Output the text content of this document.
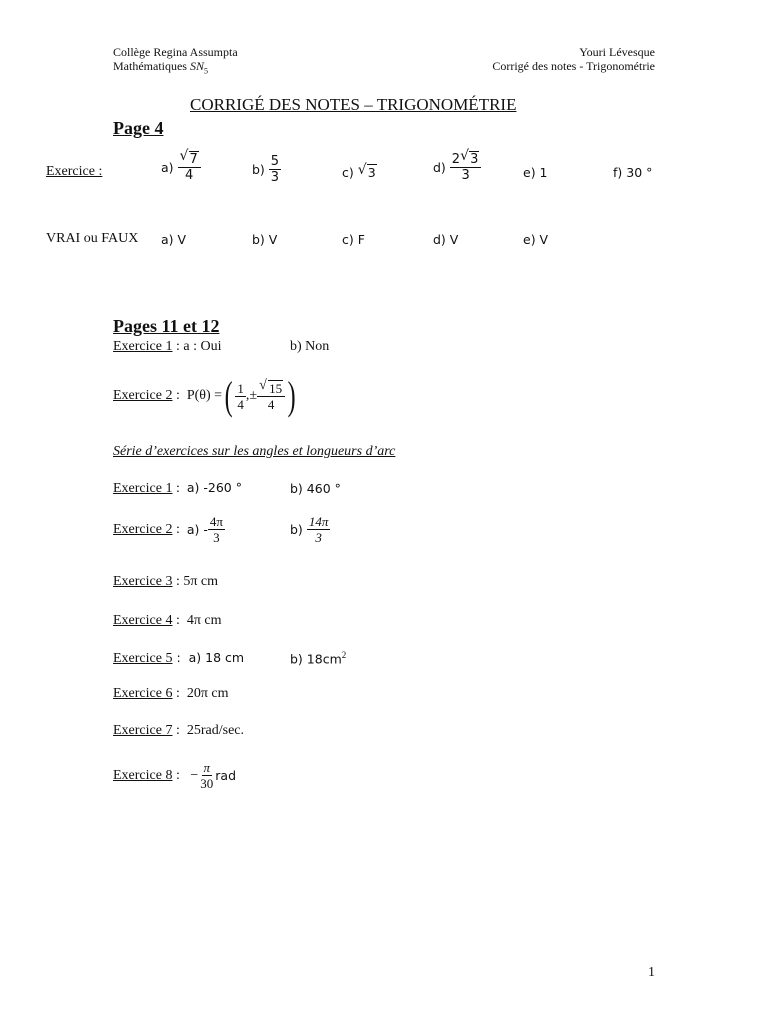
Collège Regina Assumpta
Mathématiques $SN_5$
Youri Lévesque
Corrigé des notes - Trigonométrie
CORRIGÉ DES NOTES – TRIGONOMÉTRIE
Page 4
Exercice :	$a) \frac{√ 7}{4}$	$b) \frac{5}{3}$	c) √ 3	$d) \frac{2 √ 3}{3}$	e) 1	f) 30 °
VRAI ou FAUX a) V	b) V	c) F	d) V	e) V
Pages 11 et 12
Exercice 1 : a : Oui	b) Non
Exercice 2 :  P(θ) = ( $\frac{1}{4}$ ,± $\frac{√ 15}{4}$ )
Série d’exercices sur les angles et longueurs d’arc
Exercice 1 :  a) -260 °	b) 460 °
Exercice 2 : $a) - \frac{4\pi}{3}$	$b) \frac{14\pi}{3}$
Exercice 3 : 5π cm
Exercice 4 :  4π cm
Exercice 5 :  a) 18 cm	b) $18cm^2$
Exercice 6 :  20π cm
Exercice 7 :  25rad/sec.
Exercice 8 :   − $\frac{\pi}{30}$ rad
1
